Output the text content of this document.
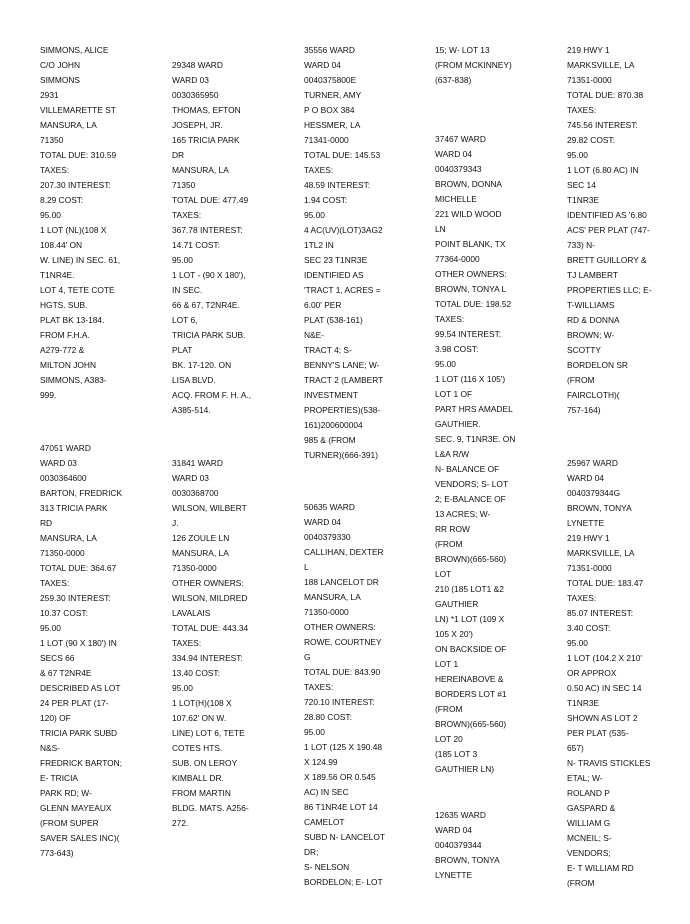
SIMMONS, ALICE
C/O JOHN
SIMMONS
2931
VILLEMARETTE ST
MANSURA, LA
71350
TOTAL DUE: 310.59
TAXES:
207.30 INTEREST:
8.29 COST:
95.00
1 LOT (NL)(108 X
108.44' ON
W. LINE) IN SEC. 61,
T1NR4E.
LOT 4, TETE COTE
HGTS. SUB.
PLAT BK 13-184.
FROM F.H.A.
A279-772 &
MILTON JOHN
SIMMONS, A383-
999.
47051 WARD
WARD 03
0030364600
BARTON, FREDRICK
313 TRICIA PARK
RD
MANSURA, LA
71350-0000
TOTAL DUE: 364.67
TAXES:
259.30 INTEREST:
10.37 COST:
95.00
1 LOT (90 X 180') IN
SECS 66
& 67 T2NR4E
DESCRIBED AS LOT
24 PER PLAT (17-
120) OF
TRICIA PARK SUBD
N&S-
FREDRICK BARTON;
E- TRICIA
PARK RD; W-
GLENN MAYEAUX
(FROM SUPER
SAVER SALES INC)(
773-643)
29348 WARD
WARD 03
0030365950
THOMAS, EFTON
JOSEPH, JR.
165 TRICIA PARK
DR
MANSURA, LA
71350
TOTAL DUE: 477.49
TAXES:
367.78 INTEREST:
14.71 COST:
95.00
1 LOT - (90 X 180'),
IN SEC.
66 & 67, T2NR4E.
LOT 6,
TRICIA PARK SUB.
PLAT
BK. 17-120. ON
LISA BLVD.
ACQ. FROM F. H. A.,
A385-514.
31841 WARD
WARD 03
0030368700
WILSON, WILBERT
J.
126 ZOULE LN
MANSURA, LA
71350-0000
OTHER OWNERS:
WILSON, MILDRED
LAVALAIS
TOTAL DUE: 443.34
TAXES:
334.94 INTEREST:
13.40 COST:
95.00
1 LOT(H)(108 X
107.62' ON W.
LINE) LOT 6, TETE
COTES HTS.
SUB. ON LEROY
KIMBALL DR.
FROM MARTIN
BLDG. MATS. A256-
272.
35556 WARD
WARD 04
0040375800E
TURNER, AMY
P O BOX 384
HESSMER, LA
71341-0000
TOTAL DUE: 145.53
TAXES:
48.59 INTEREST:
1.94 COST:
95.00
4 AC(UV)(LOT)3AG2
1TL2 IN
SEC 23 T1NR3E
IDENTIFIED AS
'TRACT 1, ACRES =
6.00' PER
PLAT (538-161)
N&E-
TRACT 4; S-
BENNY'S LANE; W-
TRACT 2 (LAMBERT
INVESTMENT
PROPERTIES)(538-
161)200600004
985 & (FROM
TURNER)(666-391)
50635 WARD
WARD 04
0040379330
CALLIHAN, DEXTER
L
188 LANCELOT DR
MANSURA, LA
71350-0000
OTHER OWNERS:
ROWE, COURTNEY
G
TOTAL DUE: 843.90
TAXES:
720.10 INTEREST:
28.80 COST:
95.00
1 LOT (125 X 190.48
X 124.99
X 189.56 OR 0.545
AC) IN SEC
86 T1NR4E LOT 14
CAMELOT
SUBD N- LANCELOT
DR;
S- NELSON
BORDELON; E- LOT
15; W- LOT 13
(FROM MCKINNEY)
(637-838)
37467 WARD
WARD 04
0040379343
BROWN, DONNA
MICHELLE
221 WILD WOOD
LN
POINT BLANK, TX
77364-0000
OTHER OWNERS:
BROWN, TONYA L
TOTAL DUE: 198.52
TAXES:
99.54 INTEREST:
3.98 COST:
95.00
1 LOT (116 X 105')
LOT 1 OF
PART HRS AMADEL
GAUTHIER.
SEC. 9, T1NR3E. ON
L&A R/W
N- BALANCE OF
VENDORS; S- LOT
2; E-BALANCE OF
13 ACRES; W-
RR ROW
(FROM
BROWN)(665-560)
LOT
210 (185 LOT1 &2
GAUTHIER
LN) *1 LOT (109 X
105 X 20')
ON BACKSIDE OF
LOT 1
HEREINABOVE &
BORDERS LOT #1
(FROM
BROWN)(665-560)
LOT 20
(185 LOT 3
GAUTHIER LN)
12635 WARD
WARD 04
0040379344
BROWN, TONYA
LYNETTE
219 HWY 1
MARKSVILLE, LA
71351-0000
TOTAL DUE: 870.38
TAXES:
745.56 INTEREST:
29.82 COST:
95.00
1 LOT (6.80 AC) IN
SEC 14
T1NR3E
IDENTIFIED AS '6.80
ACS' PER PLAT (747-
733) N-
BRETT GUILLORY &
TJ LAMBERT
PROPERTIES LLC; E-
T-WILLIAMS
RD & DONNA
BROWN; W-
SCOTTY
BORDELON SR
(FROM
FAIRCLOTH)(
757-164)
25967 WARD
WARD 04
0040379344G
BROWN, TONYA
LYNETTE
219 HWY 1
MARKSVILLE, LA
71351-0000
TOTAL DUE: 183.47
TAXES:
85.07 INTEREST:
3.40 COST:
95.00
1 LOT (104.2 X 210'
OR APPROX
0.50 AC) IN SEC 14
T1NR3E
SHOWN AS LOT 2
PER PLAT (535-
657)
N- TRAVIS STICKLES
ETAL; W-
ROLAND P
GASPARD &
WILLIAM G
MCNEIL; S-
VENDORS;
E- T WILLIAM RD
(FROM
